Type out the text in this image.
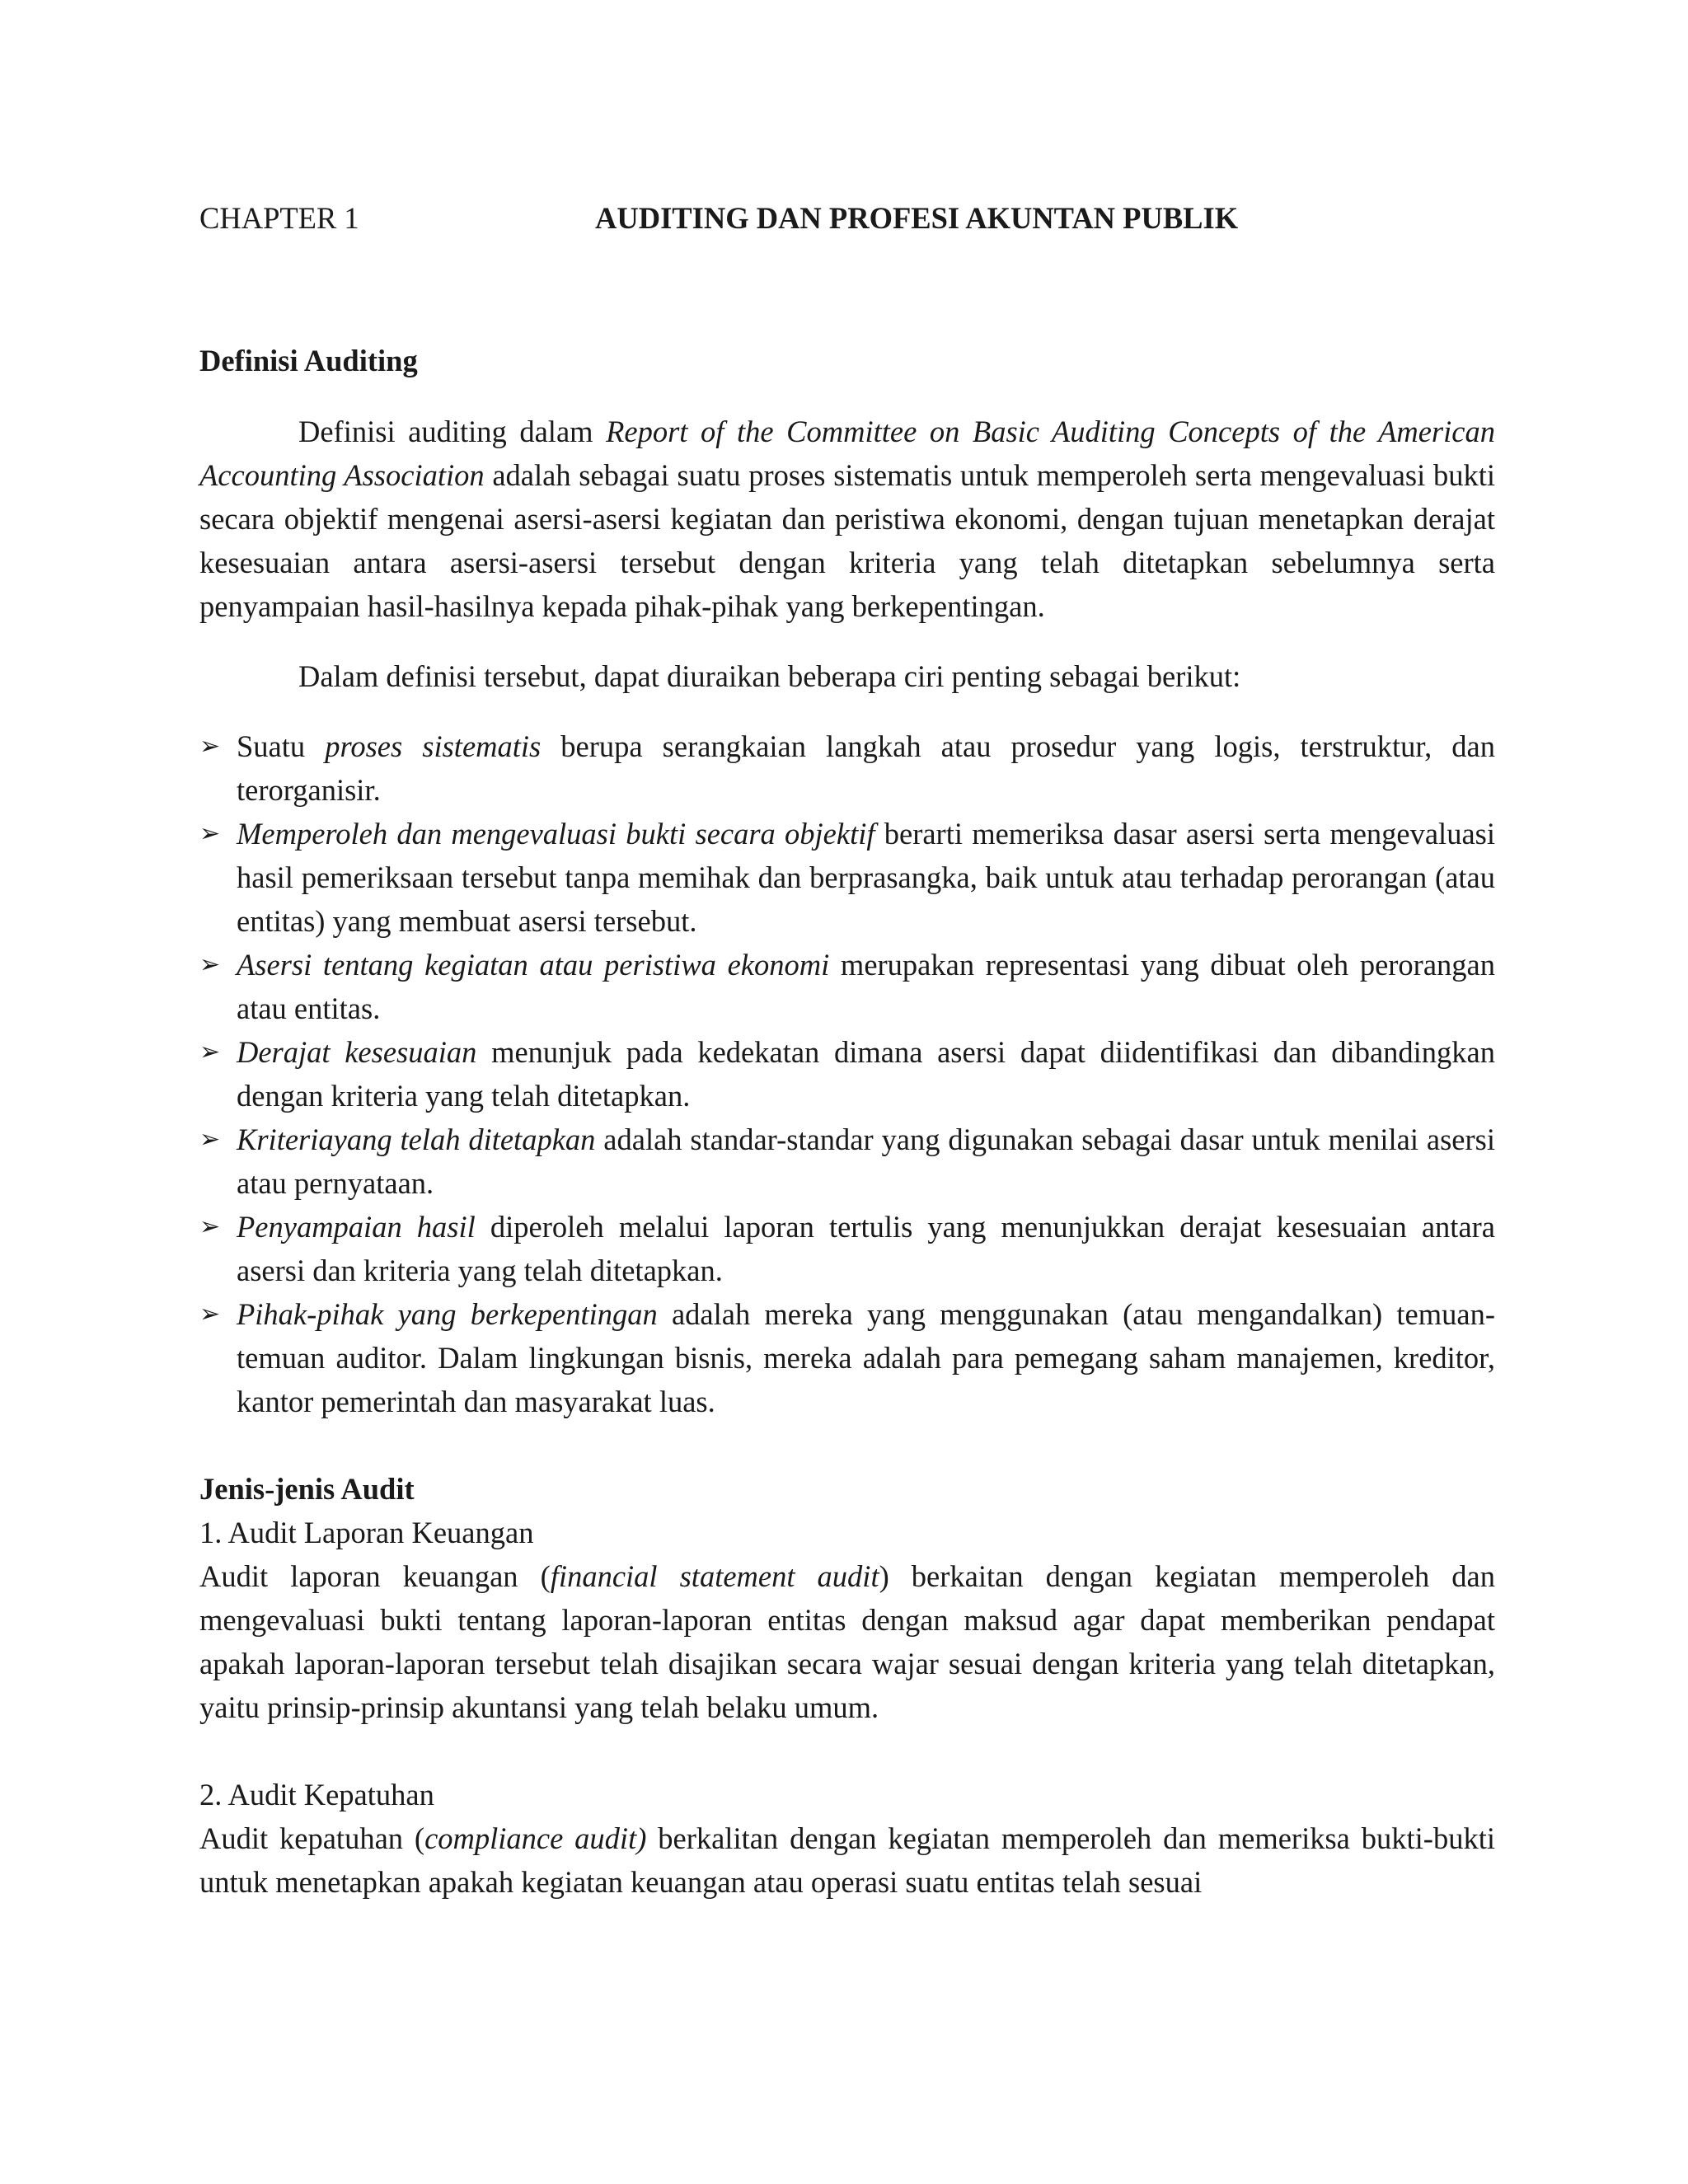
CHAPTER 1	AUDITING DAN PROFESI AKUNTAN PUBLIK
Definisi Auditing

Definisi auditing dalam Report of the Committee on Basic Auditing Concepts of the American Accounting Association adalah sebagai suatu proses sistematis untuk memperoleh serta mengevaluasi bukti secara objektif mengenai asersi-asersi kegiatan dan peristiwa ekonomi, dengan tujuan menetapkan derajat kesesuaian antara asersi-asersi tersebut dengan kriteria yang telah ditetapkan sebelumnya serta penyampaian hasil-hasilnya kepada pihak-pihak yang berkepentingan.

Dalam definisi tersebut, dapat diuraikan beberapa ciri penting sebagai berikut:

➢ Suatu proses sistematis berupa serangkaian langkah atau prosedur yang logis, terstruktur, dan terorganisir.
➢ Memperoleh dan mengevaluasi bukti secara objektif berarti memeriksa dasar asersi serta mengevaluasi hasil pemeriksaan tersebut tanpa memihak dan berprasangka, baik untuk atau terhadap perorangan (atau entitas) yang membuat asersi tersebut.
➢ Asersi tentang kegiatan atau peristiwa ekonomi merupakan representasi yang dibuat oleh perorangan atau entitas.
➢ Derajat kesesuaian menunjuk pada kedekatan dimana asersi dapat diidentifikasi dan dibandingkan dengan kriteria yang telah ditetapkan.
➢ Kriteriayang telah ditetapkan adalah standar-standar yang digunakan sebagai dasar untuk menilai asersi atau pernyataan.
➢ Penyampaian hasil diperoleh melalui laporan tertulis yang menunjukkan derajat kesesuaian antara asersi dan kriteria yang telah ditetapkan.
➢ Pihak-pihak yang berkepentingan adalah mereka yang menggunakan (atau mengandalkan) temuan-temuan auditor. Dalam lingkungan bisnis, mereka adalah para pemegang saham manajemen, kreditor, kantor pemerintah dan masyarakat luas.
Jenis-jenis Audit

1. Audit Laporan Keuangan

Audit laporan keuangan (financial statement audit) berkaitan dengan kegiatan memperoleh dan mengevaluasi bukti tentang laporan-laporan entitas dengan maksud agar dapat memberikan pendapat apakah laporan-laporan tersebut telah disajikan secara wajar sesuai dengan kriteria yang telah ditetapkan, yaitu prinsip-prinsip akuntansi yang telah belaku umum.

2. Audit Kepatuhan

Audit kepatuhan (compliance audit) berkalitan dengan kegiatan memperoleh dan memeriksa bukti-bukti untuk menetapkan apakah kegiatan keuangan atau operasi suatu entitas telah sesuai
